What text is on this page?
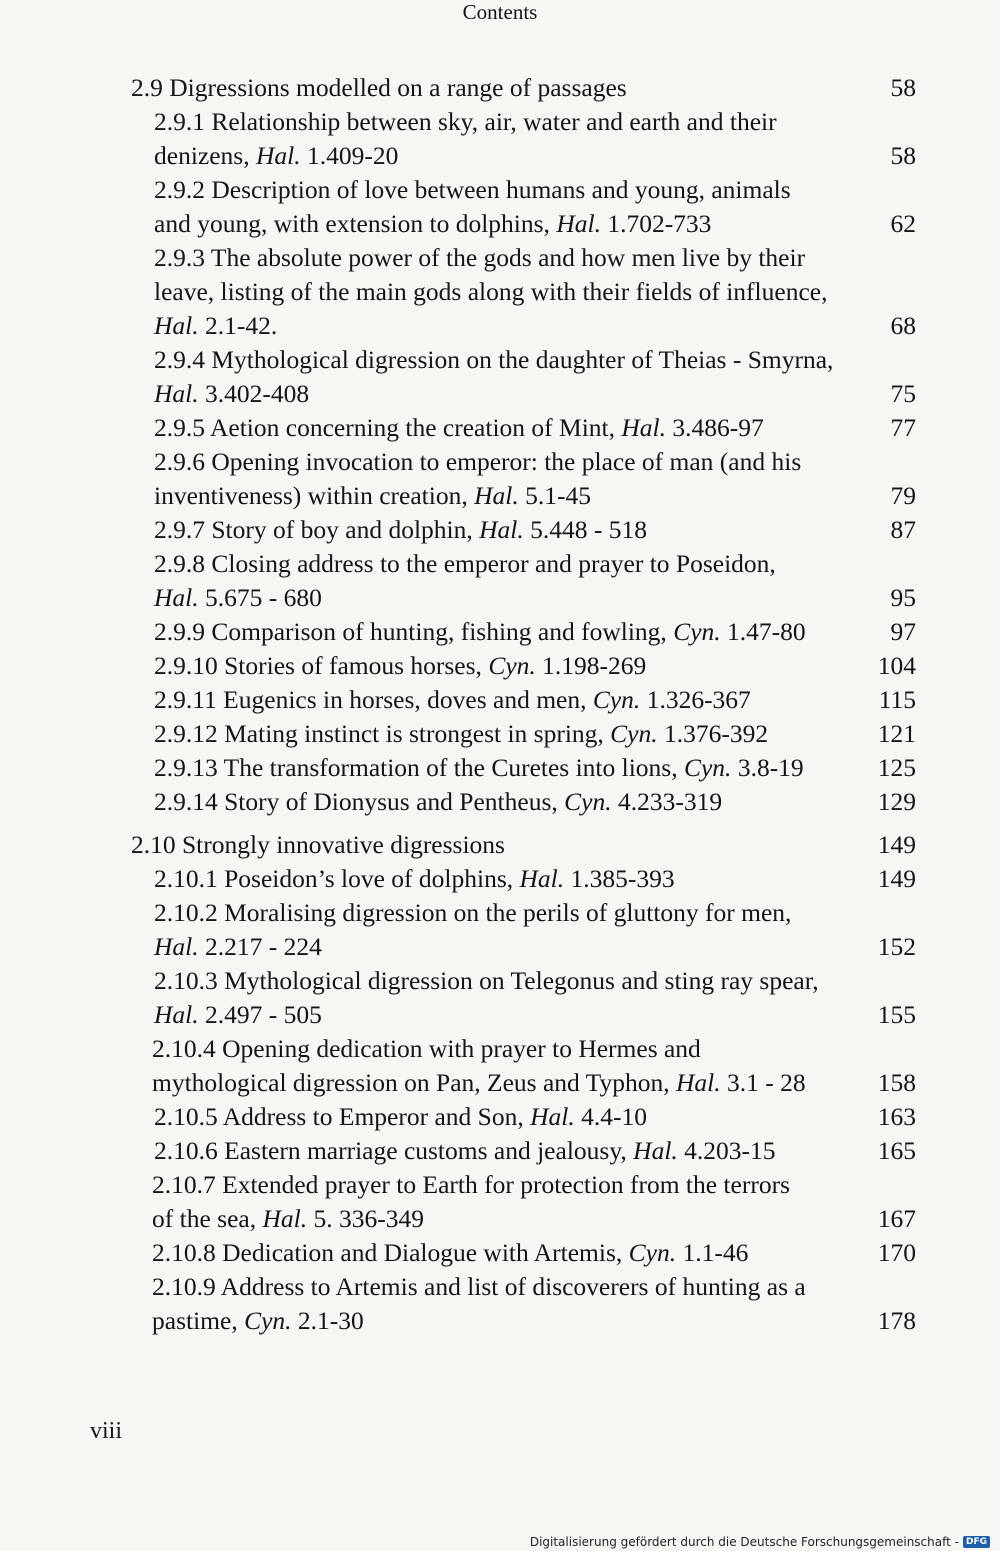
Contents
2.9 Digressions modelled on a range of passages	58
2.9.1 Relationship between sky, air, water and earth and their
denizens, Hal. 1.409-20	58
2.9.2 Description of love between humans and young, animals
and young, with extension to dolphins, Hal. 1.702-733	62
2.9.3 The absolute power of the gods and how men live by their
leave, listing of the main gods along with their fields of influence,
Hal. 2.1-42.	68
2.9.4 Mythological digression on the daughter of Theias - Smyrna,
Hal. 3.402-408	75
2.9.5 Aetion concerning the creation of Mint, Hal. 3.486-97	77
2.9.6 Opening invocation to emperor: the place of man (and his
inventiveness) within creation, Hal. 5.1-45	79
2.9.7 Story of boy and dolphin, Hal. 5.448 - 518	87
2.9.8 Closing address to the emperor and prayer to Poseidon,
Hal. 5.675 - 680	95
2.9.9 Comparison of hunting, fishing and fowling, Cyn. 1.47-80	97
2.9.10 Stories of famous horses, Cyn. 1.198-269	104
2.9.11 Eugenics in horses, doves and men, Cyn. 1.326-367	115
2.9.12 Mating instinct is strongest in spring, Cyn. 1.376-392	121
2.9.13 The transformation of the Curetes into lions, Cyn. 3.8-19	125
2.9.14 Story of Dionysus and Pentheus, Cyn. 4.233-319	129
2.10 Strongly innovative digressions	149
2.10.1 Poseidon’s love of dolphins, Hal. 1.385-393	149
2.10.2 Moralising digression on the perils of gluttony for men,
Hal. 2.217 - 224	152
2.10.3 Mythological digression on Telegonus and sting ray spear,
Hal. 2.497 - 505	155
2.10.4 Opening dedication with prayer to Hermes and
mythological digression on Pan, Zeus and Typhon, Hal. 3.1 - 28	158
2.10.5 Address to Emperor and Son, Hal. 4.4-10	163
2.10.6 Eastern marriage customs and jealousy, Hal. 4.203-15	165
2.10.7 Extended prayer to Earth for protection from the terrors
of the sea, Hal. 5. 336-349	167
2.10.8 Dedication and Dialogue with Artemis, Cyn. 1.1-46	170
2.10.9 Address to Artemis and list of discoverers of hunting as a
pastime, Cyn. 2.1-30	178
viii
Digitalisierung gefördert durch die Deutsche Forschungsgemeinschaft - DFG
